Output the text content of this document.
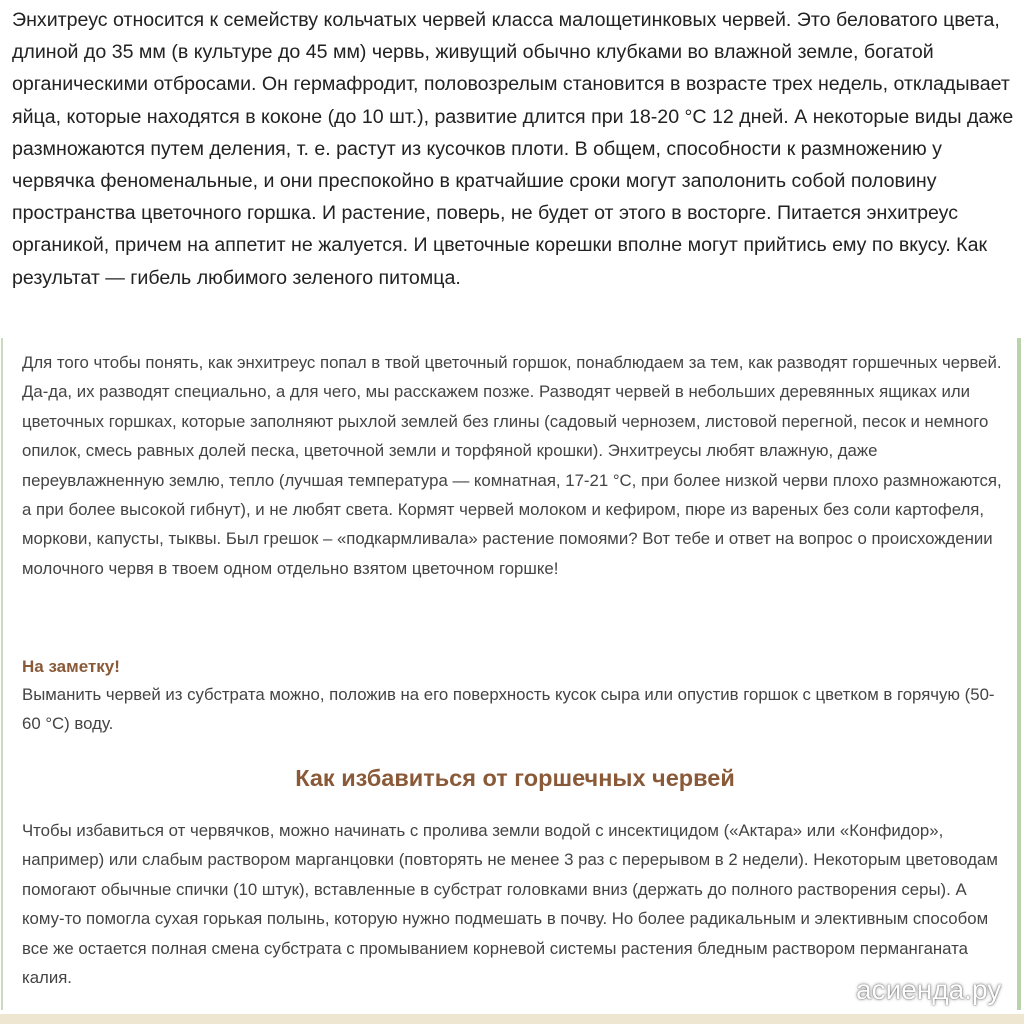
Энхитреус относится к семейству кольчатых червей класса малощетинковых червей. Это беловатого цвета, длиной до 35 мм (в культуре до 45 мм) червь, живущий обычно клубками во влажной земле, богатой органическими отбросами. Он гермафродит, половозрелым становится в возрасте трех недель, откладывает яйца, которые находятся в коконе (до 10 шт.), развитие длится при 18-20 °С 12 дней. А некоторые виды даже размножаются путем деления, т. е. растут из кусочков плоти. В общем, способности к размножению у червячка феноменальные, и они преспокойно в кратчайшие сроки могут заполонить собой половину пространства цветочного горшка. И растение, поверь, не будет от этого в восторге. Питается энхитреус органикой, причем на аппетит не жалуется. И цветочные корешки вполне могут прийтись ему по вкусу. Как результат — гибель любимого зеленого питомца.

Для того чтобы понять, как энхитреус попал в твой цветочный горшок, понаблюдаем за тем, как разводят горшечных червей. Да-да, их разводят специально, а для чего, мы расскажем позже. Разводят червей в небольших деревянных ящиках или цветочных горшках, которые заполняют рыхлой землей без глины (садовый чернозем, листовой перегной, песок и немного опилок, смесь равных долей песка, цветочной земли и торфяной крошки). Энхитреусы любят влажную, даже переувлажненную землю, тепло (лучшая температура — комнатная, 17-21 °С, при более низкой черви плохо размножаются, а при более высокой гибнут), и не любят света. Кормят червей молоком и кефиром, пюре из вареных без соли картофеля, моркови, капусты, тыквы. Был грешок – «подкармливала» растение помоями? Вот тебе и ответ на вопрос о происхождении молочного червя в твоем одном отдельно взятом цветочном горшке!

На заметку!

Выманить червей из субстрата можно, положив на его поверхность кусок сыра или опустив горшок с цветком в горячую (50-60 °С) воду.

Как избавиться от горшечных червей

Чтобы избавиться от червячков, можно начинать с пролива земли водой с инсектицидом («Актара» или «Конфидор», например) или слабым раствором марганцовки (повторять не менее 3 раз с перерывом в 2 недели). Некоторым цветоводам помогают обычные спички (10 штук), вставленные в субстрат головками вниз (держать до полного растворения серы). А кому-то помогла сухая горькая полынь, которую нужно подмешать в почву. Но более радикальным и элективным способом все же остается полная смена субстрата с промыванием корневой системы растения бледным раствором перманганата калия.	асиенда.ру
